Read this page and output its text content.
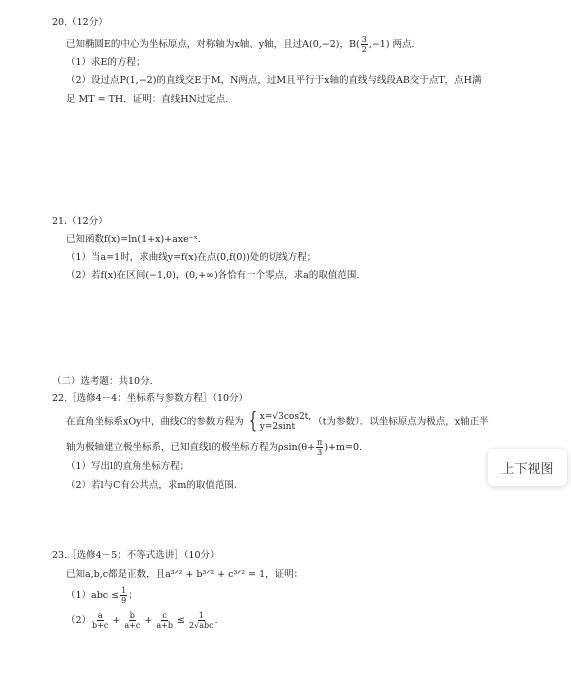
20.（12分）
已知椭圆E的中心为坐标原点，对称轴为x轴、y轴，且过A(0,−2)，$B( \frac{3}{2} ,-1)$ 两点.
（1）求E的方程；
（2）设过点P(1,−2)的直线交E于M，N两点，过M且平行于x轴的直线与线段AB交于点T，点H满
足 MT = TH．证明：直线HN过定点.
21.（12分）
已知函数f(x)=ln(1+x)+axe⁻ˣ.
（1）当a=1时，求曲线y=f(x)在点(0,f(0))处的切线方程；
（2）若f(x)在区间(−1,0)，(0,+∞)各恰有一个零点，求a的取值范围.
（二）选考题：共10分.
22.［选修4－4：坐标系与参数方程］（10分）
在直角坐标系xOy中，曲线C的参数方程为 { x=√3cos2t,
y=2sint	（t为参数）．以坐标原点为极点，x轴正半
轴为极轴建立极坐标系，已知直线l的极坐标方程为$\rho\sin(\theta+ \frac{\pi}{3} )+m=0$.
（1）写出l的直角坐标方程；
（2）若l与C有公共点，求m的取值范围.
23.［选修4－5：不等式选讲］（10分）
已知a,b,c都是正数，且a³ᐟ² + b³ᐟ² + c³ᐟ² = 1，证明：
$(1)abc \le \frac{1}{9}$ ；
$(2) \frac{a}{b+c} + \frac{b}{a+c} + \frac{c}{a+b} \le \frac{1}{\text{2√abc}}$ .
上下视图
